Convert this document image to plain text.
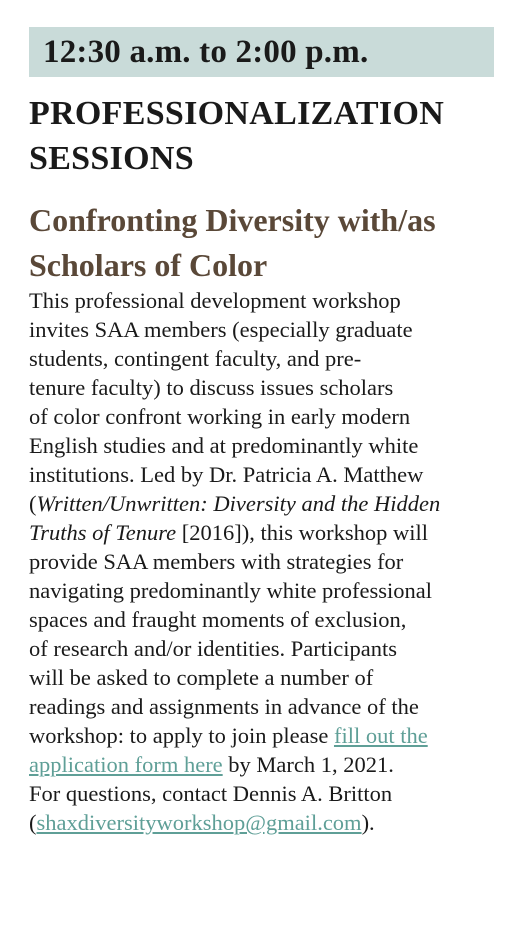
12:30 a.m. to 2:00 p.m.
PROFESSIONALIZATION
SESSIONS
Confronting Diversity with/as
Scholars of Color
This professional development workshop
invites SAA members (especially graduate
students, contingent faculty, and pre-
tenure faculty) to discuss issues scholars
of color confront working in early modern
English studies and at predominantly white
institutions. Led by Dr. Patricia A. Matthew
(Written/Unwritten: Diversity and the Hidden
Truths of Tenure [2016]), this workshop will
provide SAA members with strategies for
navigating predominantly white professional
spaces and fraught moments of exclusion,
of research and/or identities. Participants
will be asked to complete a number of
readings and assignments in advance of the
workshop: to apply to join please fill out the
application form here by March 1, 2021.
For questions, contact Dennis A. Britton
(shaxdiversityworkshop@gmail.com).
